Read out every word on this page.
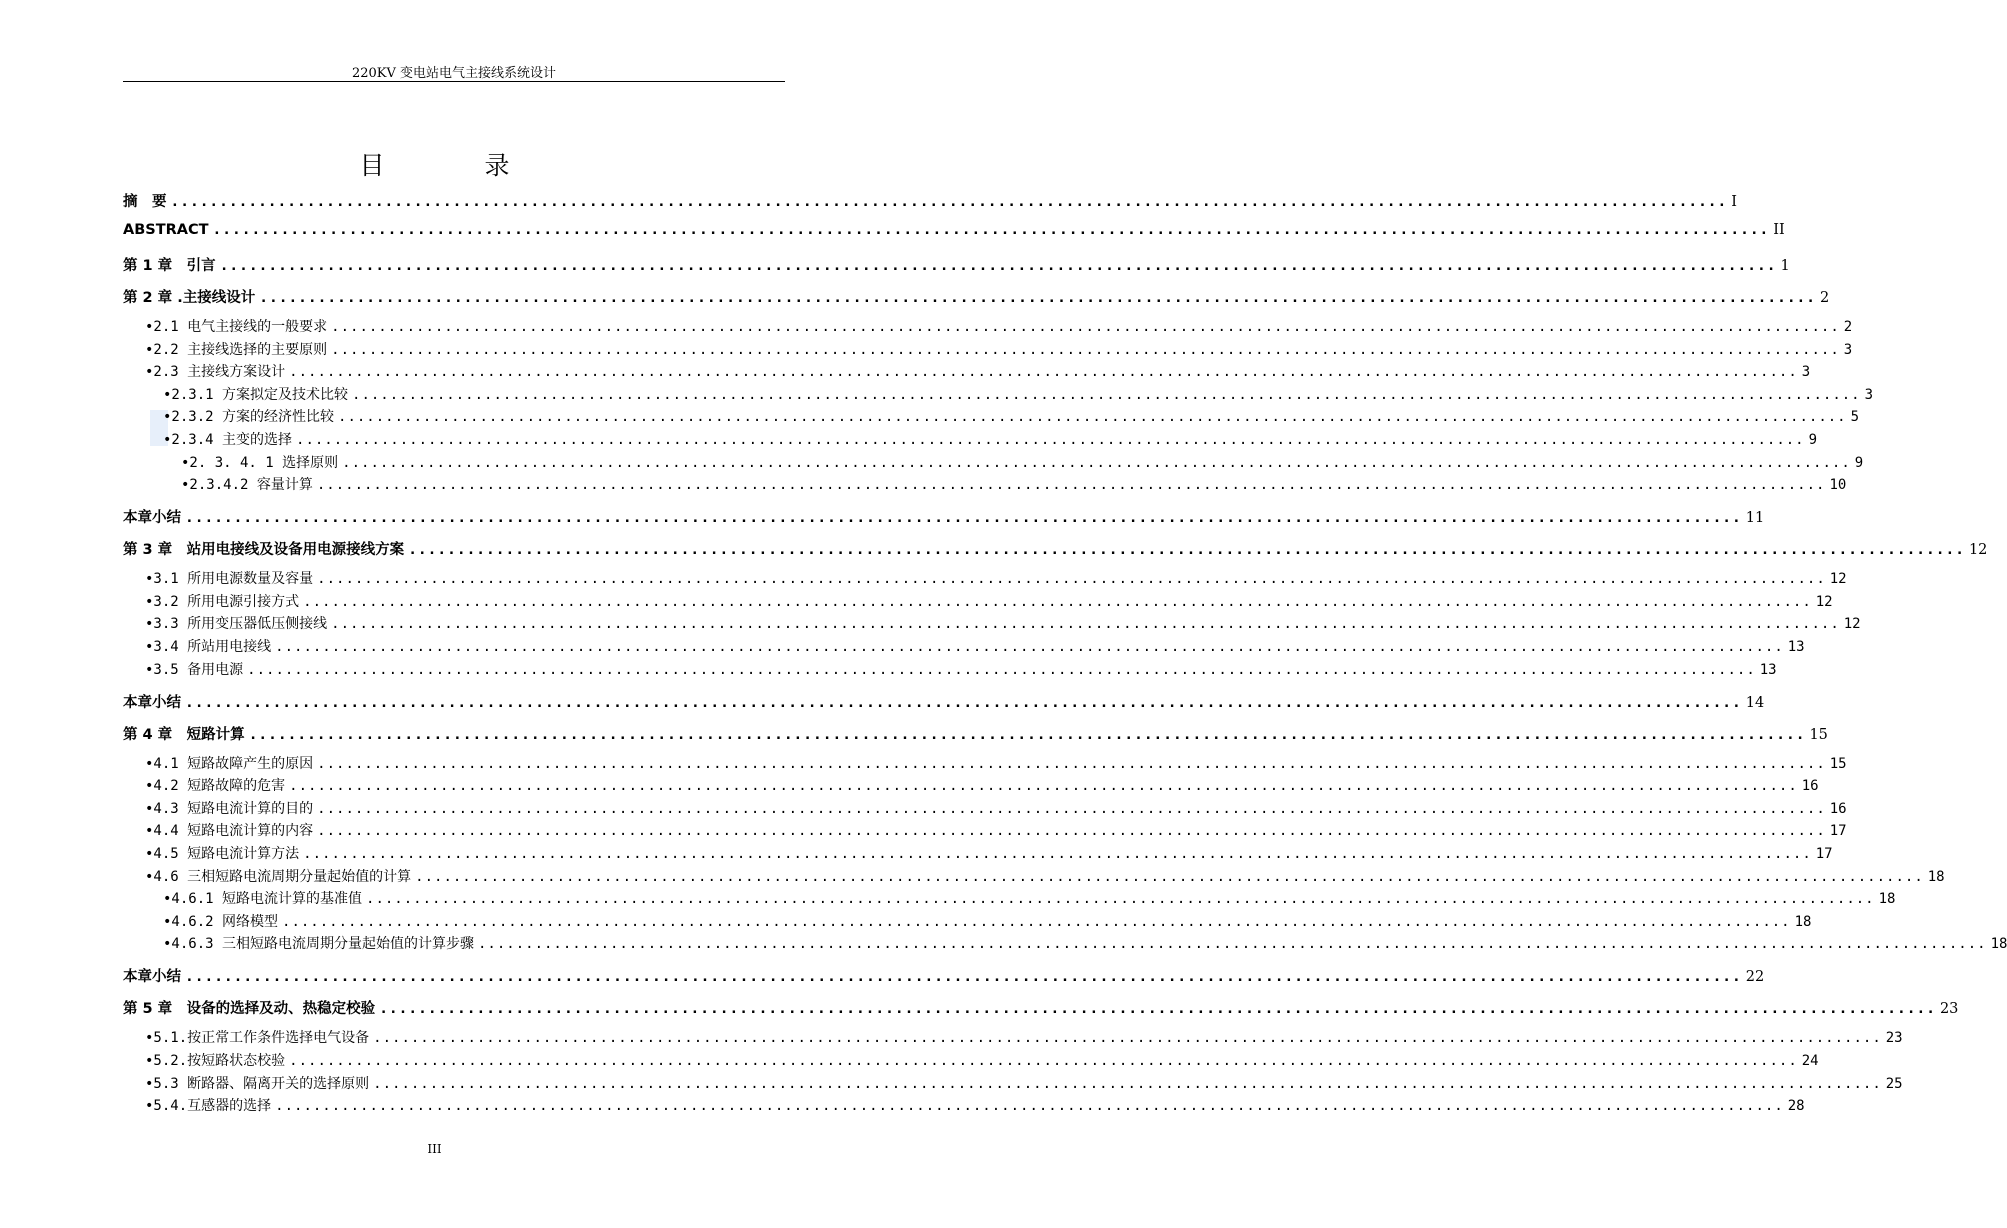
220KV 变电站电气主接线系统设计
目 录
摘　要 ................................................................................................................................................................ I
ABSTRACT ................................................................................................................................................................ II
第 1 章　引言 ................................................................................................................................................................ 1
第 2 章 .主接线设计 ................................................................................................................................................................ 2
•2.1 电气主接线的一般要求 ................................................................................................................................................................ 2
•2.2 主接线选择的主要原则 ................................................................................................................................................................ 3
•2.3 主接线方案设计 ................................................................................................................................................................ 3
•2.3.1 方案拟定及技术比较 ................................................................................................................................................................ 3
•2.3.2 方案的经济性比较 ................................................................................................................................................................ 5
•2.3.4 主变的选择 ................................................................................................................................................................ 9
•2. 3. 4. 1 选择原则 ................................................................................................................................................................ 9
•2.3.4.2 容量计算 ................................................................................................................................................................ 10
本章小结 ................................................................................................................................................................ 11
第 3 章　站用电接线及设备用电源接线方案 ................................................................................................................................................................ 12
•3.1 所用电源数量及容量 ................................................................................................................................................................ 12
•3.2 所用电源引接方式 ................................................................................................................................................................ 12
•3.3 所用变压器低压侧接线 ................................................................................................................................................................ 12
•3.4 所站用电接线 ................................................................................................................................................................ 13
•3.5 备用电源 ................................................................................................................................................................ 13
本章小结 ................................................................................................................................................................ 14
第 4 章　短路计算 ................................................................................................................................................................ 15
•4.1 短路故障产生的原因 ................................................................................................................................................................ 15
•4.2 短路故障的危害 ................................................................................................................................................................ 16
•4.3 短路电流计算的目的 ................................................................................................................................................................ 16
•4.4 短路电流计算的内容 ................................................................................................................................................................ 17
•4.5 短路电流计算方法 ................................................................................................................................................................ 17
•4.6 三相短路电流周期分量起始值的计算 ................................................................................................................................................................ 18
•4.6.1 短路电流计算的基准值 ................................................................................................................................................................ 18
•4.6.2 网络模型 ................................................................................................................................................................ 18
•4.6.3 三相短路电流周期分量起始值的计算步骤 ................................................................................................................................................................ 18
本章小结 ................................................................................................................................................................ 22
第 5 章　设备的选择及动、热稳定校验 ................................................................................................................................................................ 23
•5.1.按正常工作条件选择电气设备 ................................................................................................................................................................ 23
•5.2.按短路状态校验 ................................................................................................................................................................ 24
•5.3 断路器、隔离开关的选择原则 ................................................................................................................................................................ 25
•5.4.互感器的选择 ................................................................................................................................................................ 28
III
